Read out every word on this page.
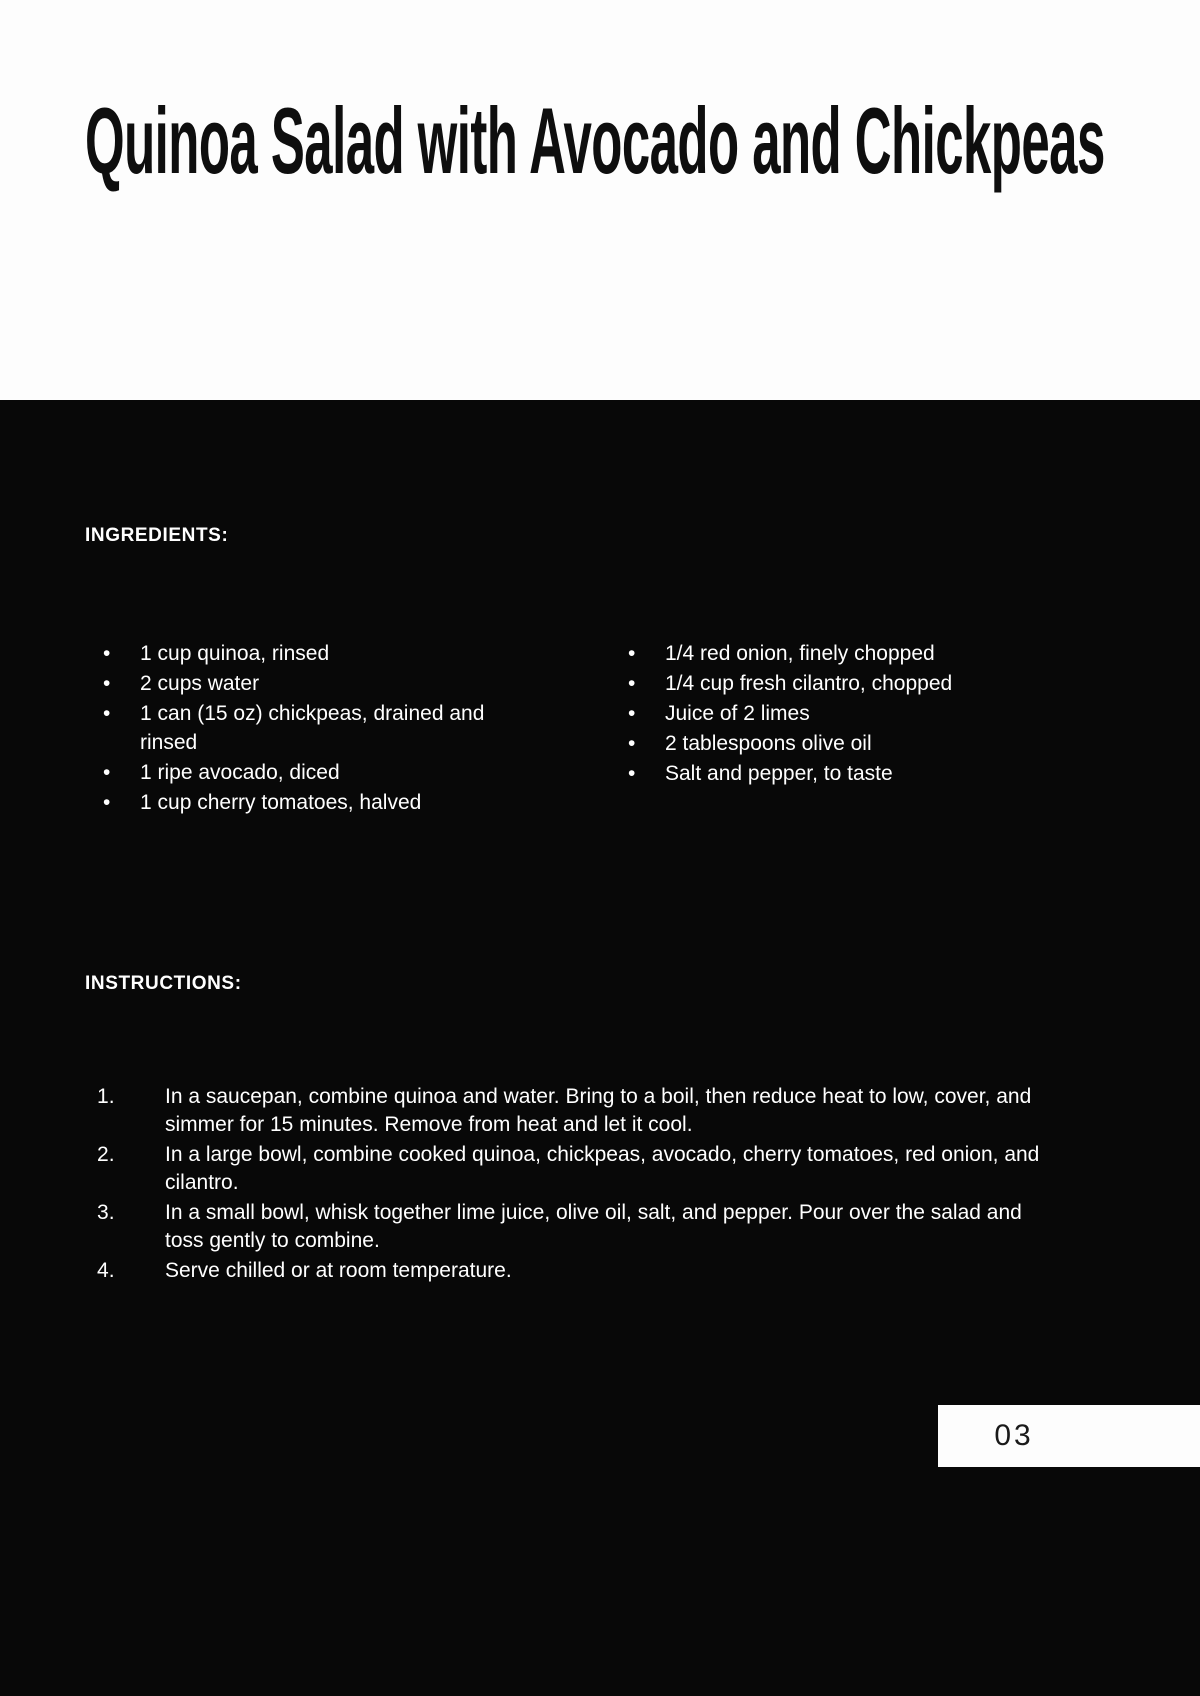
Quinoa Salad with Avocado and Chickpeas
INGREDIENTS:
• 1 cup quinoa, rinsed
• 2 cups water
• 1 can (15 oz) chickpeas, drained and rinsed
• 1 ripe avocado, diced
• 1 cup cherry tomatoes, halved
• 1/4 red onion, finely chopped
• 1/4 cup fresh cilantro, chopped
• Juice of 2 limes
• 2 tablespoons olive oil
• Salt and pepper, to taste
INSTRUCTIONS:
In a saucepan, combine quinoa and water. Bring to a boil, then reduce heat to low, cover, and simmer for 15 minutes. Remove from heat and let it cool.
In a large bowl, combine cooked quinoa, chickpeas, avocado, cherry tomatoes, red onion, and cilantro.
In a small bowl, whisk together lime juice, olive oil, salt, and pepper. Pour over the salad and toss gently to combine.
Serve chilled or at room temperature.
03
